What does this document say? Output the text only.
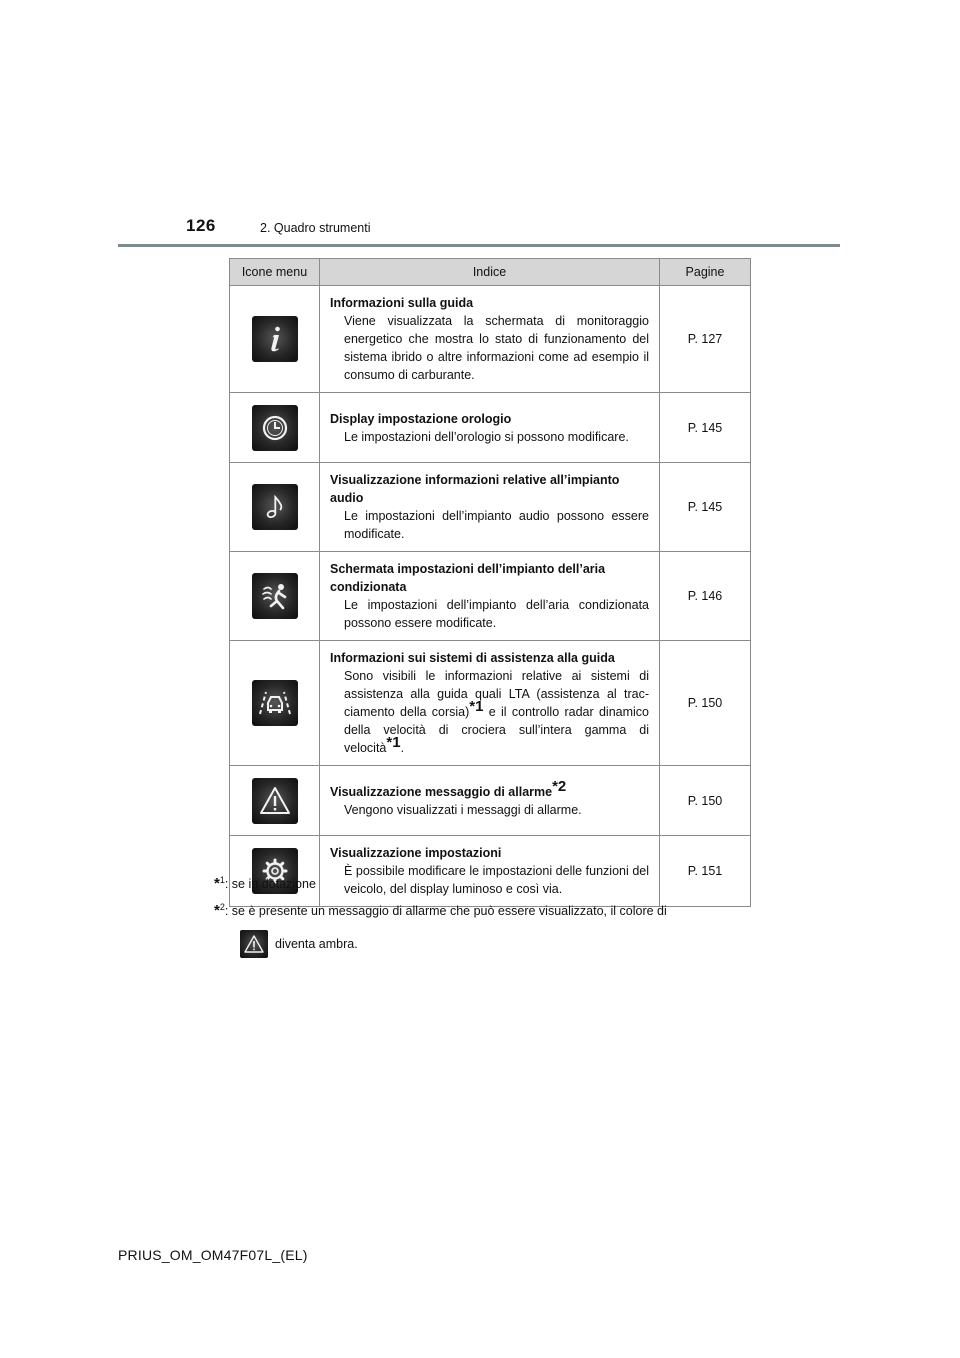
126	2. Quadro strumenti
Icone menu	Indice	Pagine

Informazioni sulla guida
Viene visualizzata la schermata di monitoraggio energetico che mostra lo stato di funzionamento del sistema ibrido o altre informazioni come ad esempio il consumo di carburante.	P. 127

Display impostazione orologio
Le impostazioni dell’orologio si possono modificare.	P. 145

Visualizzazione informazioni relative all’impianto audio
Le impostazioni dell’impianto audio possono essere modificate.	P. 145

Schermata impostazioni dell’impianto dell’aria condizionata
Le impostazioni dell’impianto dell’aria condizionata possono essere modificate.	P. 146

Informazioni sui sistemi di assistenza alla guida
Sono visibili le informazioni relative ai sistemi di assistenza alla guida quali LTA (assistenza al tracciamento della corsia)$^{*1}$ e il controllo radar dinamico della velocità di crociera sull’intera gamma di velocità$^{*1}$.	P. 150

Visualizzazione messaggio di allarme$^{*2}$
Vengono visualizzati i messaggi di allarme.	P. 150

Visualizzazione impostazioni
È possibile modificare le impostazioni delle funzioni del veicolo, del display luminoso e così via.	P. 151
*$^1$: se in dotazione
*$^2$: se è presente un messaggio di allarme che può essere visualizzato, il colore di
diventa ambra.
PRIUS_OM_OM47F07L_(EL)
